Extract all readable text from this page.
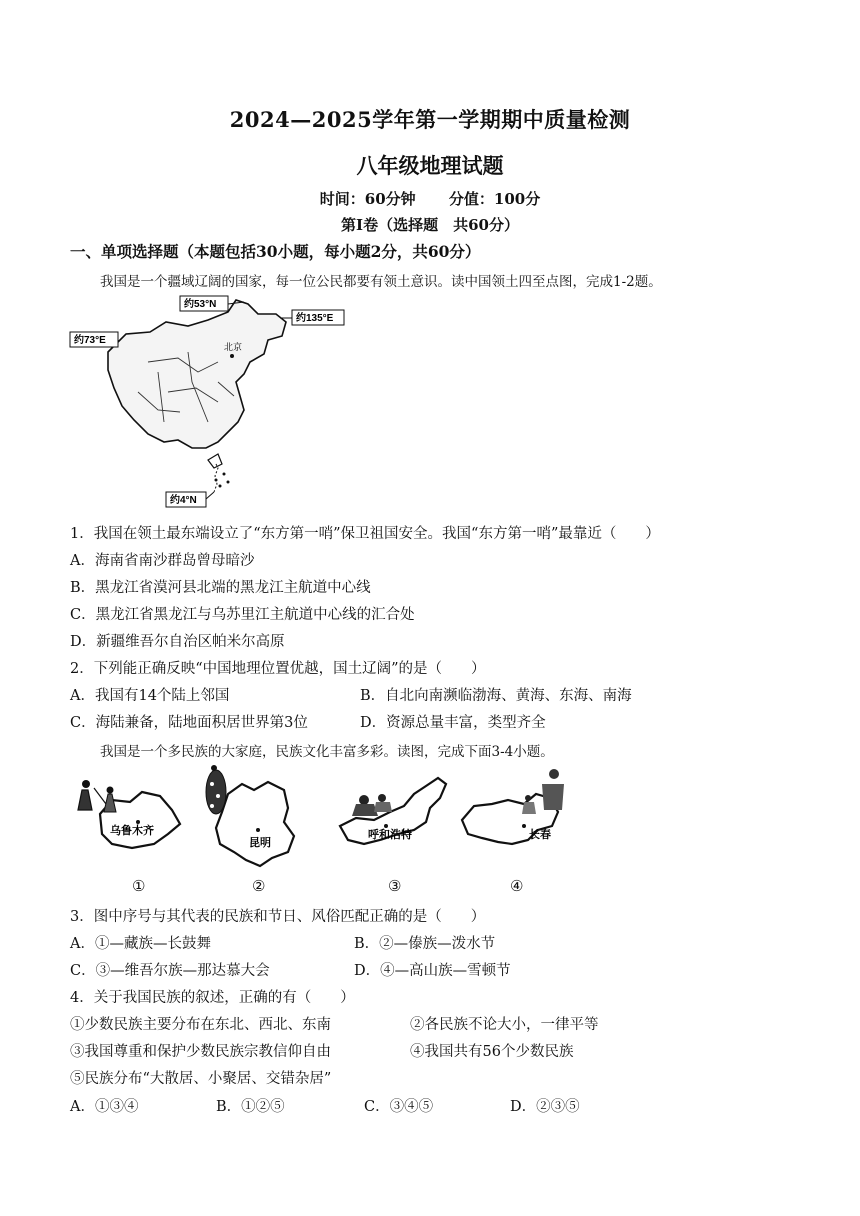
2024—2025学年第一学期期中质量检测
八年级地理试题
时间：60分钟 分值：100分
第Ⅰ卷（选择题　共60分）
一、单项选择题（本题包括30小题，每小题2分，共60分）
我国是一个疆域辽阔的国家，每一位公民都要有领土意识。读中国领土四至点图，完成1-2题。
约53°N
约135°E
约73°E
约4°N
北京
1．我国在领土最东端设立了“东方第一哨”保卫祖国安全。我国“东方第一哨”最靠近（　　）
A．海南省南沙群岛曾母暗沙
B．黑龙江省漠河县北端的黑龙江主航道中心线
C．黑龙江省黑龙江与乌苏里江主航道中心线的汇合处
D．新疆维吾尔自治区帕米尔高原
2．下列能正确反映“中国地理位置优越，国土辽阔”的是（　　）
A．我国有14个陆上邻国	B．自北向南濒临渤海、黄海、东海、南海
C．海陆兼备，陆地面积居世界第3位	D．资源总量丰富，类型齐全
我国是一个多民族的大家庭，民族文化丰富多彩。读图，完成下面3-4小题。
乌鲁木齐
昆明
呼和浩特	长春
①	②	③	④
3．图中序号与其代表的民族和节日、风俗匹配正确的是（　　）
A．①—藏族—长鼓舞	B．②—傣族—泼水节
C．③—维吾尔族—那达慕大会	D．④—高山族—雪顿节
4．关于我国民族的叙述，正确的有（　　）
①少数民族主要分布在东北、西北、东南	②各民族不论大小，一律平等
③我国尊重和保护少数民族宗教信仰自由	④我国共有56个少数民族
⑤民族分布“大散居、小聚居、交错杂居”
A．①③④	B．①②⑤	C．③④⑤	D．②③⑤
